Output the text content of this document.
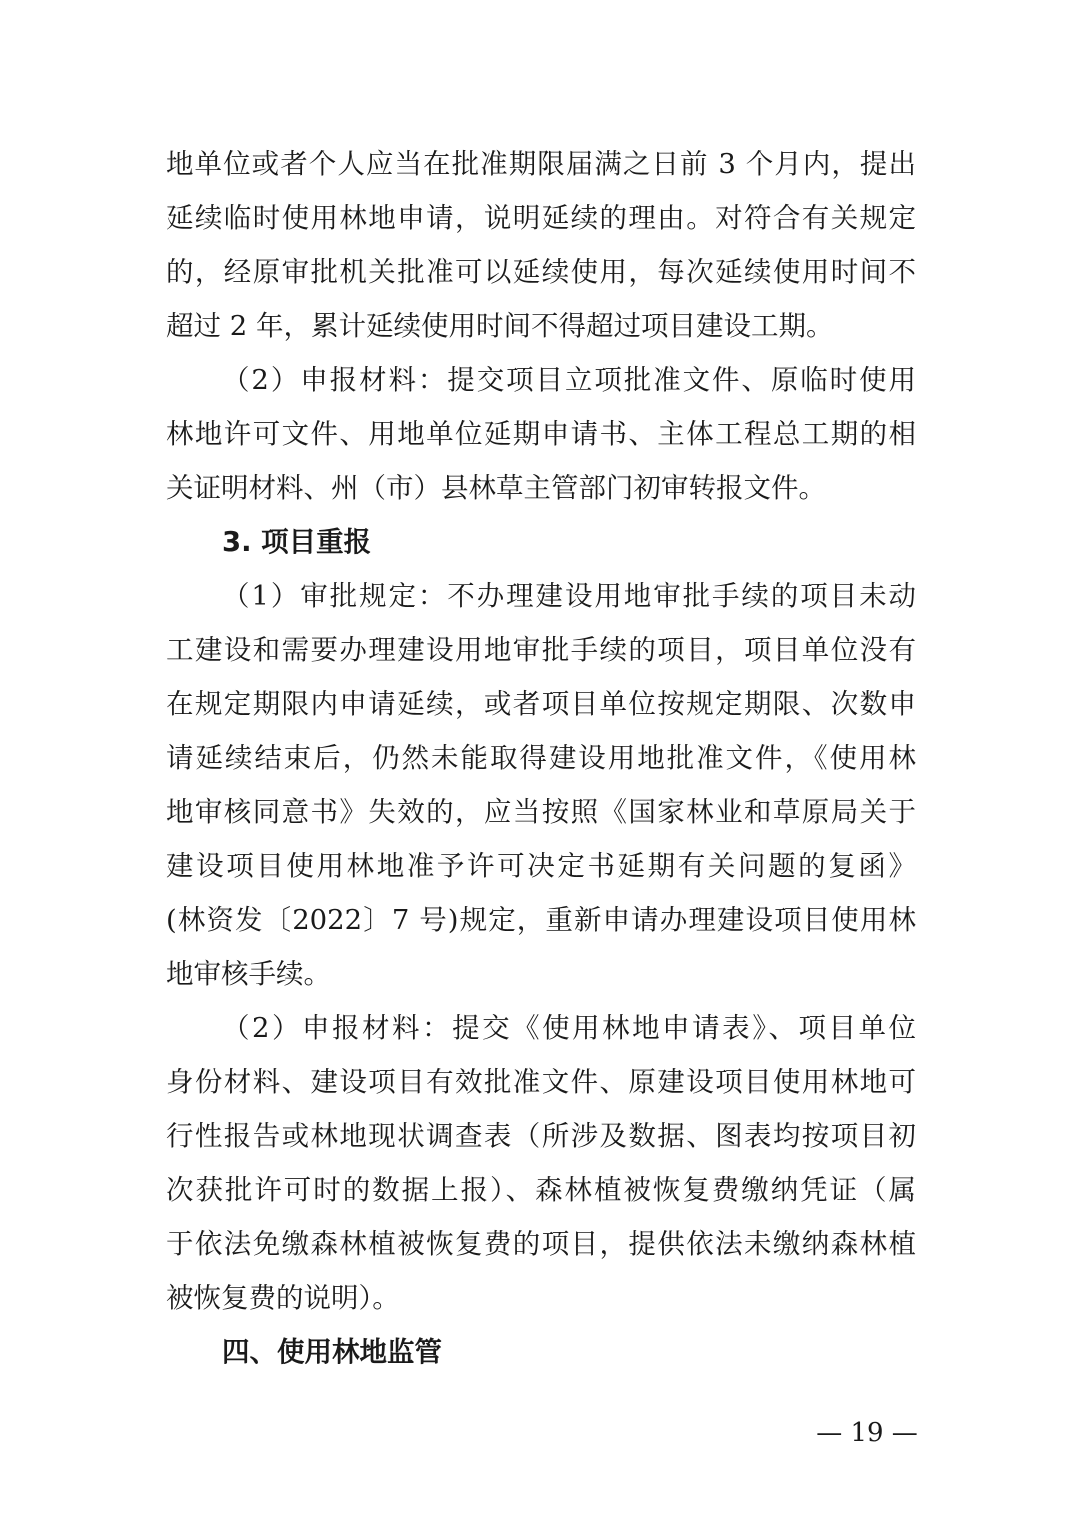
地单位或者个人应当在批准期限届满之日前 3 个月内，提出
延续临时使用林地申请，说明延续的理由。对符合有关规定
的，经原审批机关批准可以延续使用，每次延续使用时间不
超过 2 年，累计延续使用时间不得超过项目建设工期。
（2）申报材料：提交项目立项批准文件、原临时使用
林地许可文件、用地单位延期申请书、主体工程总工期的相
关证明材料、州（市）县林草主管部门初审转报文件。
3. 项目重报
（1）审批规定：不办理建设用地审批手续的项目未动
工建设和需要办理建设用地审批手续的项目，项目单位没有
在规定期限内申请延续，或者项目单位按规定期限、次数申
请延续结束后，仍然未能取得建设用地批准文件，《使用林
地审核同意书》失效的，应当按照《国家林业和草原局关于
建设项目使用林地准予许可决定书延期有关问题的复函》
(林资发〔2022〕7 号)规定，重新申请办理建设项目使用林
地审核手续。
（2）申报材料：提交《使用林地申请表》、项目单位
身份材料、建设项目有效批准文件、原建设项目使用林地可
行性报告或林地现状调查表（所涉及数据、图表均按项目初
次获批许可时的数据上报）、森林植被恢复费缴纳凭证（属
于依法免缴森林植被恢复费的项目，提供依法未缴纳森林植
被恢复费的说明）。
四、使用林地监管
— 19 —
